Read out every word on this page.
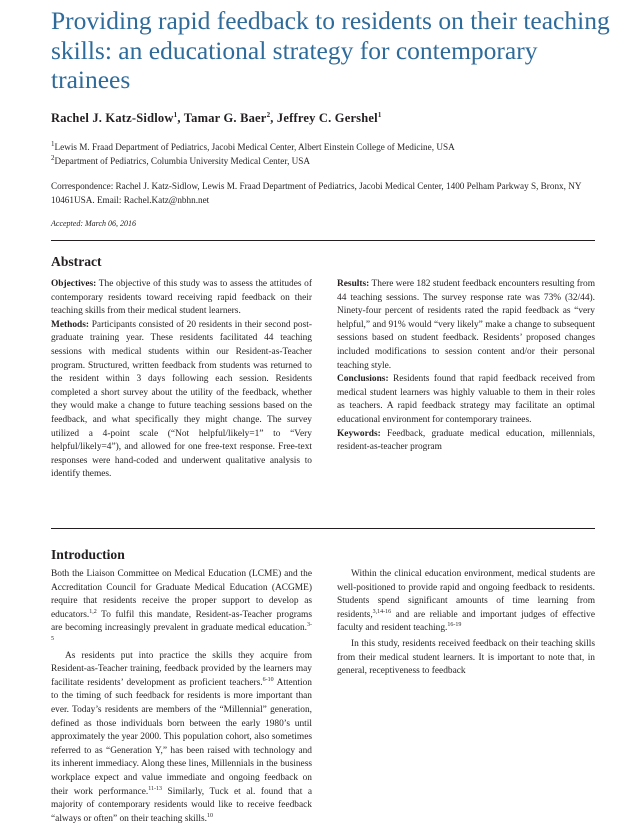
Providing rapid feedback to residents on their teaching skills: an educational strategy for contemporary trainees
Rachel J. Katz-Sidlow$^1$, Tamar G. Baer$^2$, Jeffrey C. Gershel$^1$
$^1$Lewis M. Fraad Department of Pediatrics, Jacobi Medical Center, Albert Einstein College of Medicine, USA
$^2$Department of Pediatrics, Columbia University Medical Center, USA
Correspondence: Rachel J. Katz-Sidlow, Lewis M. Fraad Department of Pediatrics, Jacobi Medical Center, 1400 Pelham Parkway S, Bronx, NY 10461USA. Email: Rachel.Katz@nbhn.net
Accepted: March 06, 2016
Abstract

Objectives: The objective of this study was to assess the attitudes of contemporary residents toward receiving rapid feedback on their teaching skills from their medical student learners.

Methods: Participants consisted of 20 residents in their second post-graduate training year. These residents facilitated 44 teaching sessions with medical students within our Resident-as-Teacher program. Structured, written feedback from students was returned to the resident within 3 days following each session. Residents completed a short survey about the utility of the feedback, whether they would make a change to future teaching sessions based on the feedback, and what specifically they might change. The survey utilized a 4-point scale (“Not helpful/likely=1” to “Very helpful/likely=4”), and allowed for one free-text response. Free-text responses were hand-coded and underwent qualitative analysis to identify themes.

Results: There were 182 student feedback encounters resulting from 44 teaching sessions. The survey response rate was 73% (32/44). Ninety-four percent of residents rated the rapid feedback as “very helpful,” and 91% would “very likely” make a change to subsequent sessions based on student feedback. Residents’ proposed changes included modifications to session content and/or their personal teaching style.

Conclusions: Residents found that rapid feedback received from medical student learners was highly valuable to them in their roles as teachers. A rapid feedback strategy may facilitate an optimal educational environment for contemporary trainees.

Keywords: Feedback, graduate medical education, millennials, resident-as-teacher program

Introduction

Both the Liaison Committee on Medical Education (LCME) and the Accreditation Council for Graduate Medical Education (ACGME) require that residents receive the proper support to develop as educators.$^{1,2}$ To fulfil this mandate, Resident-as-Teacher programs are becoming increasingly prevalent in graduate medical education.$^{3-5}$

As residents put into practice the skills they acquire from Resident-as-Teacher training, feedback provided by the learners may facilitate residents’ development as proficient teachers.$^{6-10}$ Attention to the timing of such feedback for residents is more important than ever. Today’s residents are members of the “Millennial” generation, defined as those individuals born between the early 1980’s until approximately the year 2000. This population cohort, also sometimes referred to as “Generation Y,” has been raised with technology and its inherent immediacy. Along these lines, Millennials in the business workplace expect and value immediate and ongoing feedback on their work performance.$^{11-13}$ Similarly, Tuck et al. found that a majority of contemporary residents would like to receive feedback “always or often” on their teaching skills.$^{10}$

Within the clinical education environment, medical students are well-positioned to provide rapid and ongoing feedback to residents. Students spend significant amounts of time learning from residents,$^{3,14-16}$ and are reliable and important judges of effective faculty and resident teaching.$^{16-19}$

In this study, residents received feedback on their teaching skills from their medical student learners. It is important to note that, in general, receptiveness to feedback
